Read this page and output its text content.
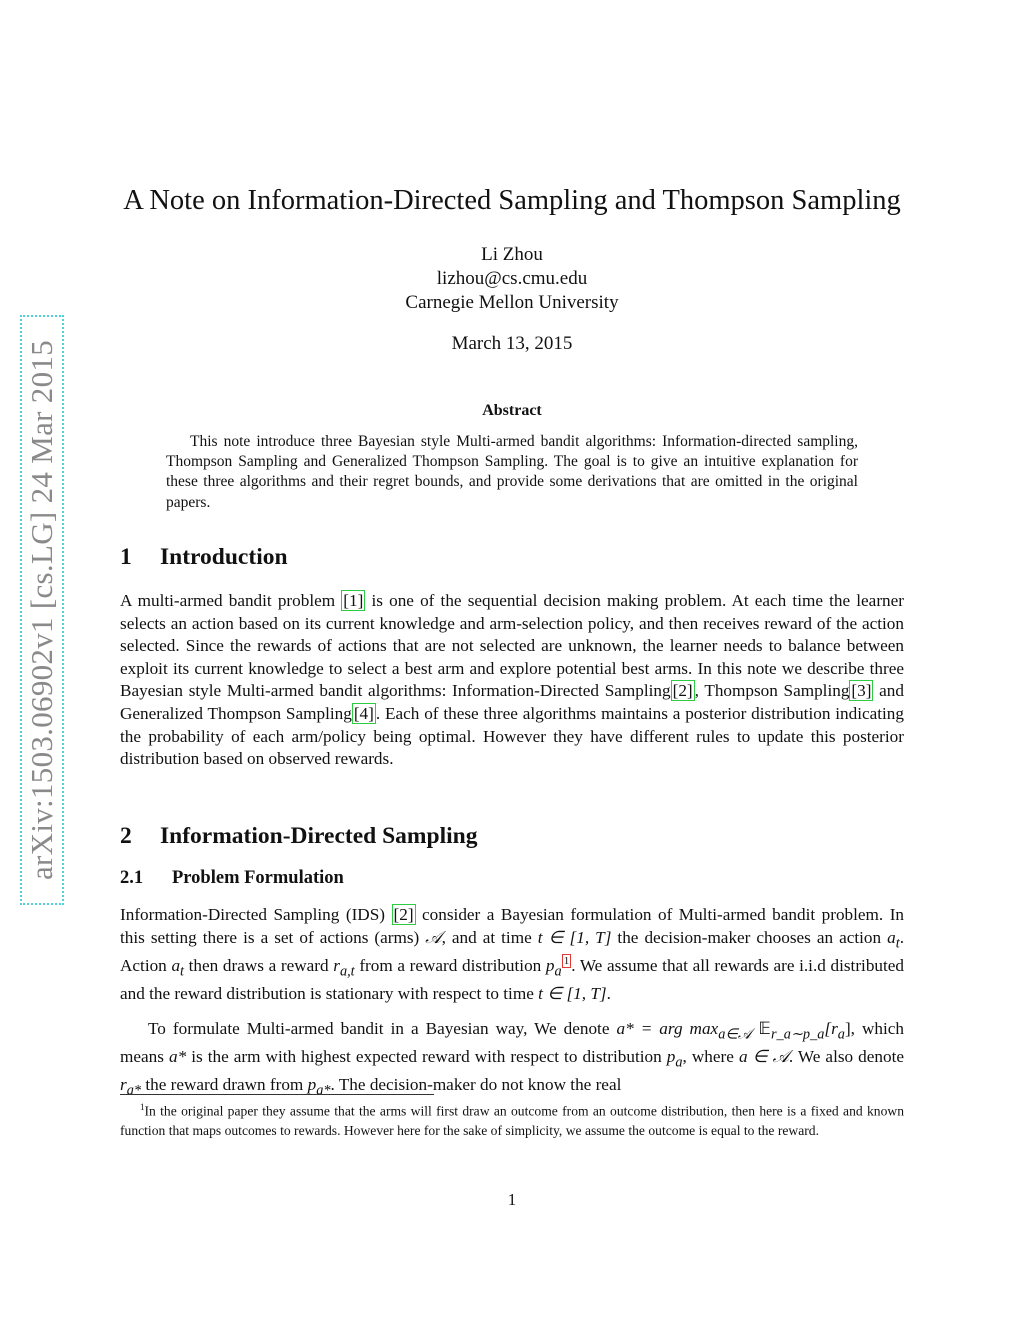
arXiv:1503.06902v1 [cs.LG] 24 Mar 2015
A Note on Information-Directed Sampling and Thompson Sampling
Li Zhou
lizhou@cs.cmu.edu
Carnegie Mellon University
March 13, 2015
Abstract
This note introduce three Bayesian style Multi-armed bandit algorithms: Information-directed sampling, Thompson Sampling and Generalized Thompson Sampling. The goal is to give an intuitive explanation for these three algorithms and their regret bounds, and provide some derivations that are omitted in the original papers.
1 Introduction

A multi-armed bandit problem [1] is one of the sequential decision making problem. At each time the learner selects an action based on its current knowledge and arm-selection policy, and then receives reward of the action selected. Since the rewards of actions that are not selected are unknown, the learner needs to balance between exploit its current knowledge to select a best arm and explore potential best arms. In this note we describe three Bayesian style Multi-armed bandit algorithms: Information-Directed Sampling [2] , Thompson Sampling [3] and Generalized Thompson Sampling [4] . Each of these three algorithms maintains a posterior distribution indicating the probability of each arm/policy being optimal. However they have different rules to update this posterior distribution based on observed rewards.

2 Information-Directed Sampling
2.1 Problem Formulation

Information-Directed Sampling (IDS) [2] consider a Bayesian formulation of Multi-armed bandit problem. In this setting there is a set of actions (arms) 𝒜, and at time t ∈ [1, T] the decision-maker chooses an action $a_t$. Action $a_t$ then draws a reward $r_{a,t}$ from a reward distribution $p_a^1$ . We assume that all rewards are i.i.d distributed and the reward distribution is stationary with respect to time t ∈ [1, T].

To formulate Multi-armed bandit in a Bayesian way, We denote a* = arg $\max_{a\in 𝒜}$ $𝔼_{r\_a\sim p\_a}[r_a]$, which means a* is the arm with highest expected reward with respect to distribution $p_a$, where a ∈ 𝒜. We also denote $r_{a*}$ the reward drawn from $p_{a*}$. The decision-maker do not know the real

$^1$In the original paper they assume that the arms will first draw an outcome from an outcome distribution, then here is a fixed and known function that maps outcomes to rewards. However here for the sake of simplicity, we assume the outcome is equal to the reward.
1
